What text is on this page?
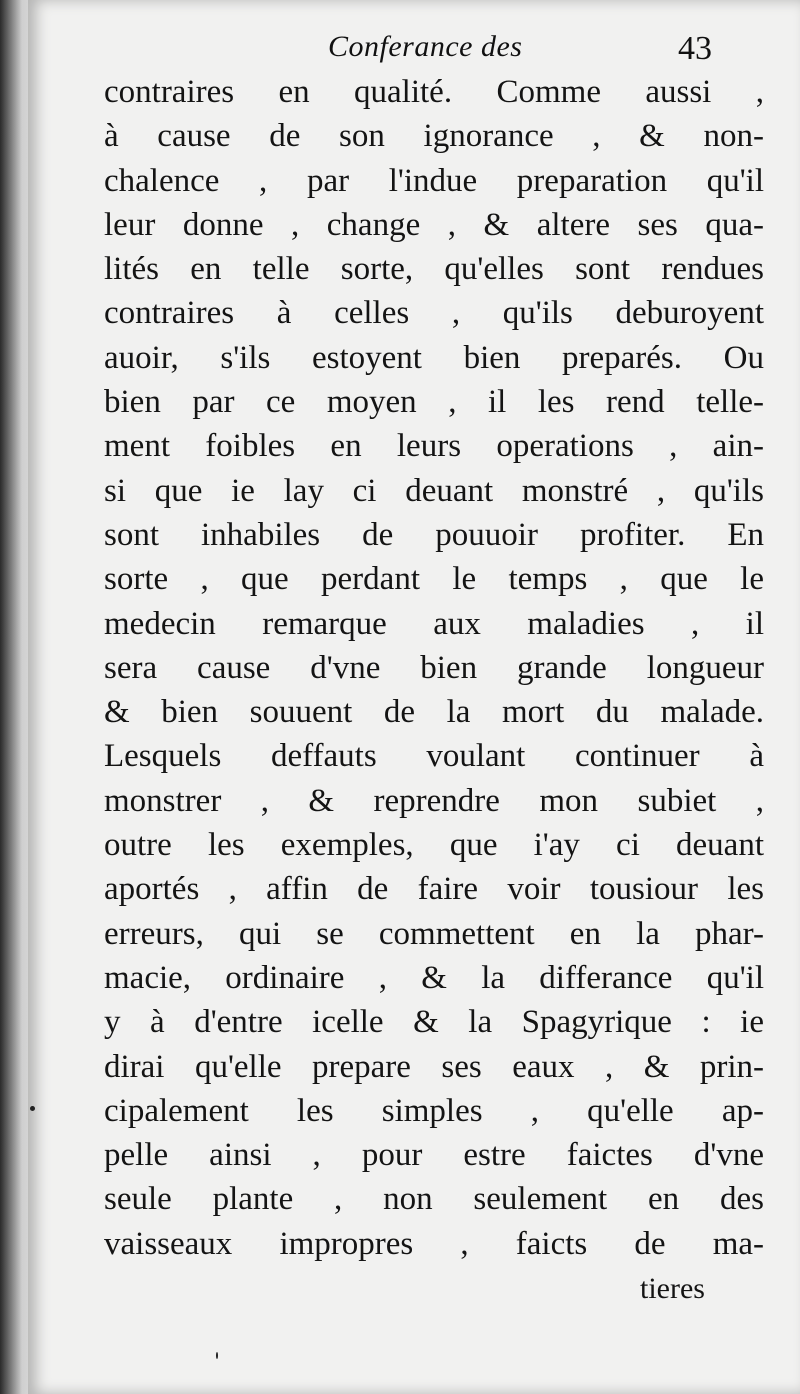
Conferance des	43
contraires en qualité. Comme aussi ,
à cause de son ignorance , & non-
chalence , par l'indue preparation qu'il
leur donne , change , & altere ses qua-
lités en telle sorte, qu'elles sont rendues
contraires à celles , qu'ils deburoyent
auoir, s'ils estoyent bien preparés. Ou
bien par ce moyen , il les rend telle-
ment foibles en leurs operations , ain-
si que ie lay ci deuant monstré , qu'ils
sont inhabiles de pouuoir profiter. En
sorte , que perdant le temps , que le
medecin remarque aux maladies , il
sera cause d'vne bien grande longueur
& bien souuent de la mort du malade.
Lesquels deffauts voulant continuer à
monstrer , & reprendre mon subiet ,
outre les exemples, que i'ay ci deuant
aportés , affin de faire voir tousiour les
erreurs, qui se commettent en la phar-
macie, ordinaire , & la differance qu'il
y à d'entre icelle & la Spagyrique : ie
dirai qu'elle prepare ses eaux , & prin-
cipalement les simples , qu'elle ap-
pelle ainsi , pour estre faictes d'vne
seule plante , non seulement en des
vaisseaux impropres , faicts de ma-
tieres
